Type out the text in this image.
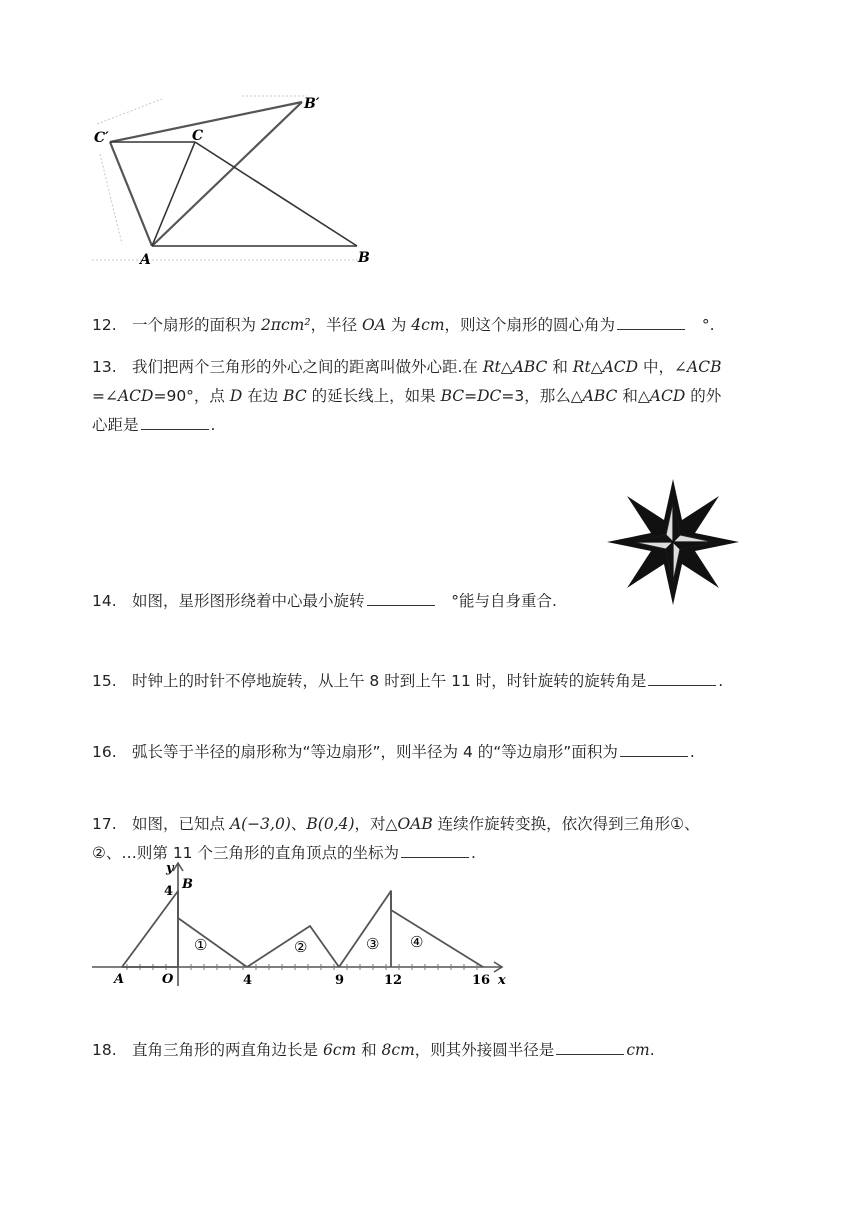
C′	C
B′
A	B
12. 一个扇形的面积为 2πcm²，半径 OA 为 4cm，则这个扇形的圆心角为	°.
13. 我们把两个三角形的外心之间的距离叫做外心距.在 Rt△ABC 和 Rt△ACD 中，∠ACB
=∠ACD=90°，点 D 在边 BC 的延长线上，如果 BC=DC=3，那么△ABC 和△ACD 的外
心距是	.
14. 如图，星形图形绕着中心最小旋转	°能与自身重合.
15. 时钟上的时针不停地旋转，从上午 8 时到上午 11 时，时针旋转的旋转角是	.
16. 弧长等于半径的扇形称为“等边扇形”，则半径为 4 的“等边扇形”面积为	.
17. 如图，已知点 A(−3,0)、B(0,4)，对△OAB 连续作旋转变换，依次得到三角形①、
②、…则第 11 个三角形的直角顶点的坐标为	.
y
4 B
A	O	x
4	9	12	16
①	②	③ ④
18. 直角三角形的两直角边长是 6cm 和 8cm，则其外接圆半径是	cm.
